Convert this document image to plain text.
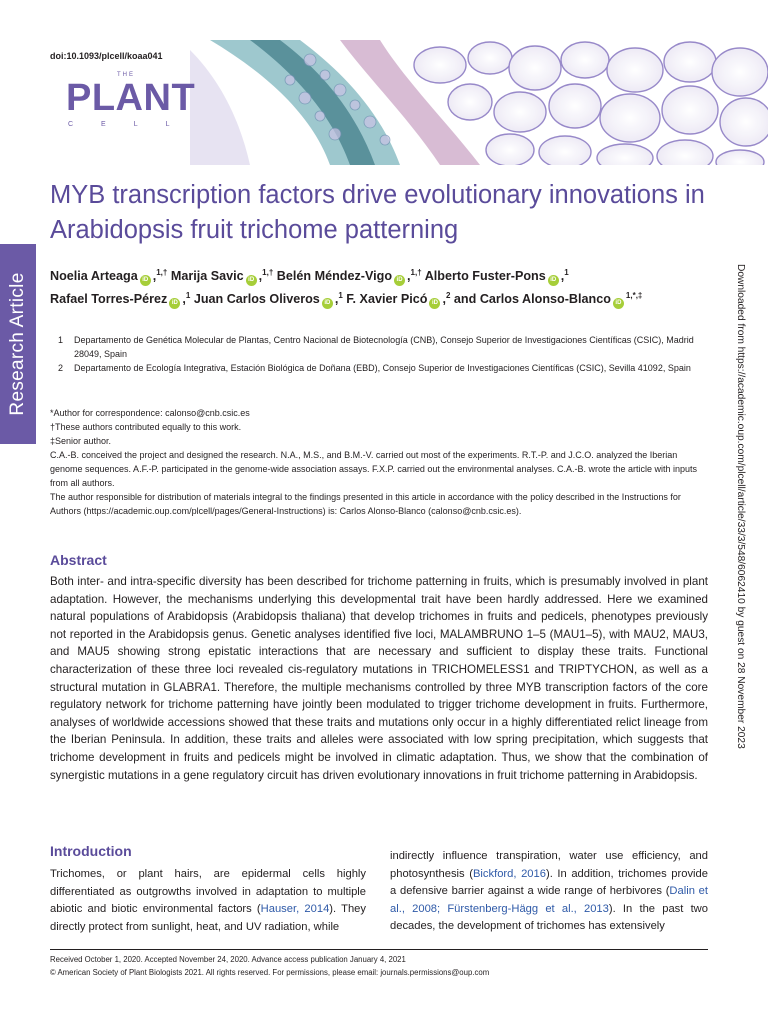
doi:10.1093/plcell/koaa041
THE
PLANT
CELL
Research Article	Downloaded from https://academic.oup.com/plcell/article/33/3/548/6062410 by guest on 28 November 2023
MYB transcription factors drive evolutionary innovations in Arabidopsis fruit trichome patterning
Noelia Arteaga iD ,$^{1,\dagger}$ Marija Savic iD ,$^{1,\dagger}$ Belén Méndez-Vigo iD ,$^{1,\dagger}$ Alberto Fuster-Pons iD ,$^1$
Rafael Torres-Pérez iD ,$^1$ Juan Carlos Oliveros iD ,$^1$ F. Xavier Picó iD ,$^2$ and Carlos Alonso-Blanco iD$^{1,*,\ddagger}$
1	Departamento de Genética Molecular de Plantas, Centro Nacional de Biotecnología (CNB), Consejo Superior de Investigaciones Científicas (CSIC), Madrid 28049, Spain
2	Departamento de Ecología Integrativa, Estación Biológica de Doñana (EBD), Consejo Superior de Investigaciones Científicas (CSIC), Sevilla 41092, Spain

*Author for correspondence: calonso@cnb.csic.es

†These authors contributed equally to this work.

‡Senior author.

C.A.-B. conceived the project and designed the research. N.A., M.S., and B.M.-V. carried out most of the experiments. R.T.-P. and J.C.O. analyzed the Iberian genome sequences. A.F.-P. participated in the genome-wide association assays. F.X.P. carried out the environmental analyses. C.A.-B. wrote the article with inputs from all authors.

The author responsible for distribution of materials integral to the findings presented in this article in accordance with the policy described in the Instructions for Authors (https://academic.oup.com/plcell/pages/General-Instructions) is: Carlos Alonso-Blanco (calonso@cnb.csic.es).

Abstract

Both inter- and intra-specific diversity has been described for trichome patterning in fruits, which is presumably involved in plant adaptation. However, the mechanisms underlying this developmental trait have been hardly addressed. Here we examined natural populations of Arabidopsis (Arabidopsis thaliana) that develop trichomes in fruits and pedicels, phenotypes previously not reported in the Arabidopsis genus. Genetic analyses identified five loci, MALAMBRUNO 1–5 (MAU1–5), with MAU2, MAU3, and MAU5 showing strong epistatic interactions that are necessary and sufficient to display these traits. Functional characterization of these three loci revealed cis-regulatory mutations in TRICHOMELESS1 and TRIPTYCHON, as well as a structural mutation in GLABRA1. Therefore, the multiple mechanisms controlled by three MYB transcription factors of the core regulatory network for trichome patterning have jointly been modulated to trigger trichome development in fruits. Furthermore, analyses of worldwide accessions showed that these traits and mutations only occur in a highly differentiated relict lineage from the Iberian Peninsula. In addition, these traits and alleles were associated with low spring precipitation, which suggests that trichome development in fruits and pedicels might be involved in climatic adaptation. Thus, we show that the combination of synergistic mutations in a gene regulatory circuit has driven evolutionary innovations in fruit trichome patterning in Arabidopsis.

Introduction

Trichomes, or plant hairs, are epidermal cells highly differentiated as outgrowths involved in adaptation to multiple abiotic and biotic environmental factors (Hauser, 2014). They directly protect from sunlight, heat, and UV radiation, while

indirectly influence transpiration, water use efficiency, and photosynthesis (Bickford, 2016). In addition, trichomes provide a defensive barrier against a wide range of herbivores (Dalin et al., 2008; Fürstenberg-Hägg et al., 2013). In the past two decades, the development of trichomes has extensively

Received October 1, 2020. Accepted November 24, 2020. Advance access publication January 4, 2021
© American Society of Plant Biologists 2021. All rights reserved. For permissions, please email: journals.permissions@oup.com
